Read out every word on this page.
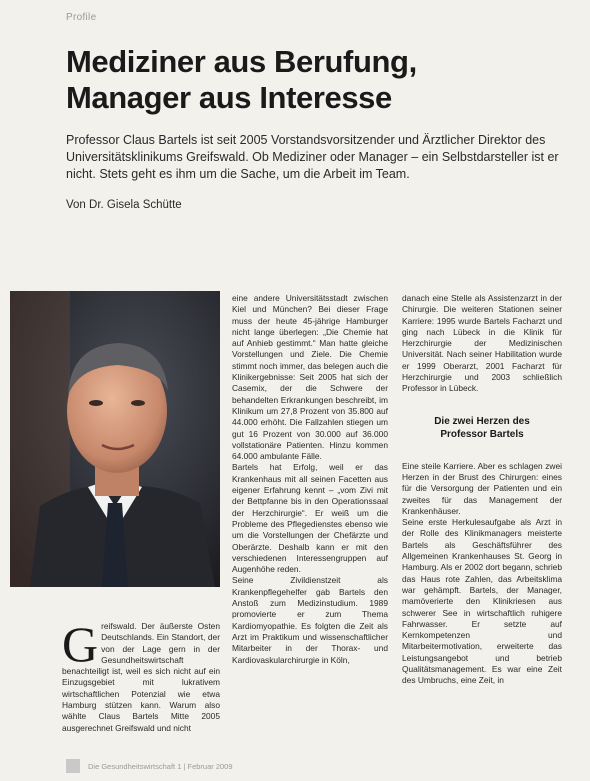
Profile
Mediziner aus Berufung,
Manager aus Interesse
Professor Claus Bartels ist seit 2005 Vorstandsvorsitzender und Ärztlicher Direktor des Universitätsklinikums Greifswald. Ob Mediziner oder Manager – ein Selbstdarsteller ist er nicht. Stets geht es ihm um die Sache, um die Arbeit im Team.
Von Dr. Gisela Schütte

G reifswald. Der äußerste Osten Deutschlands. Ein Standort, der von der Lage gern in der Gesundheitswirtschaft benachteiligt ist, weil es sich nicht auf ein Einzugsgebiet mit lukrativem wirtschaftlichen Potenzial wie etwa Hamburg stützen kann. Warum also wählte Claus Bartels Mitte 2005 ausgerechnet Greifswald und nicht

eine andere Universitätsstadt zwischen Kiel und München? Bei dieser Frage muss der heute 45-jährige Hamburger nicht lange überlegen: „Die Chemie hat auf Anhieb gestimmt.“ Man hatte gleiche Vorstellungen und Ziele. Die Chemie stimmt noch immer, das belegen auch die Klinikergebnisse: Seit 2005 hat sich der Casemix, der die Schwere der behandelten Erkrankungen beschreibt, im Klinikum um 27,8 Prozent von 35.800 auf 44.000 erhöht. Die Fallzahlen stiegen um gut 16 Prozent von 30.000 auf 36.000 vollstationäre Patienten. Hinzu kommen 64.000 ambulante Fälle.

Bartels hat Erfolg, weil er das Krankenhaus mit all seinen Facetten aus eigener Erfahrung kennt – „vom Zivi mit der Bettpfanne bis in den Operationssaal der Herzchirurgie“. Er weiß um die Probleme des Pflegedienstes ebenso wie um die Vorstellungen der Chefärzte und Oberärzte. Deshalb kann er mit den verschiedenen Interessengruppen auf Augenhöhe reden.

Seine Zivildienstzeit als Krankenpflegehelfer gab Bartels den Anstoß zum Medizinstudium. 1989 promovierte er zum Thema Kardiomyopathie. Es folgten die Zeit als Arzt im Praktikum und wissenschaftlicher Mitarbeiter in der Thorax- und Kardiovaskularchirurgie in Köln,

danach eine Stelle als Assistenzarzt in der Chirurgie. Die weiteren Stationen seiner Karriere: 1995 wurde Bartels Facharzt und ging nach Lübeck in die Klinik für Herzchirurgie der Medizinischen Universität. Nach seiner Habilitation wurde er 1999 Oberarzt, 2001 Facharzt für Herzchirurgie und 2003 schließlich Professor in Lübeck.

Die zwei Herzen des
Professor Bartels

Eine steile Karriere. Aber es schlagen zwei Herzen in der Brust des Chirurgen: eines für die Versorgung der Patienten und ein zweites für das Management der Krankenhäuser.

Seine erste Herkulesaufgabe als Arzt in der Rolle des Klinikmanagers meisterte Bartels als Geschäftsführer des Allgemeinen Krankenhauses St. Georg in Hamburg. Als er 2002 dort begann, schrieb das Haus rote Zahlen, das Arbeitsklima war gehämpft. Bartels, der Manager, mamöverierte den Klinikriesen aus schwerer See in wirtschaftlich ruhigere Fahrwasser. Er setzte auf Kernkompetenzen und Mitarbeitermotivation, erweiterte das Leistungsangebot und betrieb Qualitätsmanagement. Es war eine Zeit des Umbruchs, eine Zeit, in

Die Gesundheitswirtschaft 1 | Februar 2009
